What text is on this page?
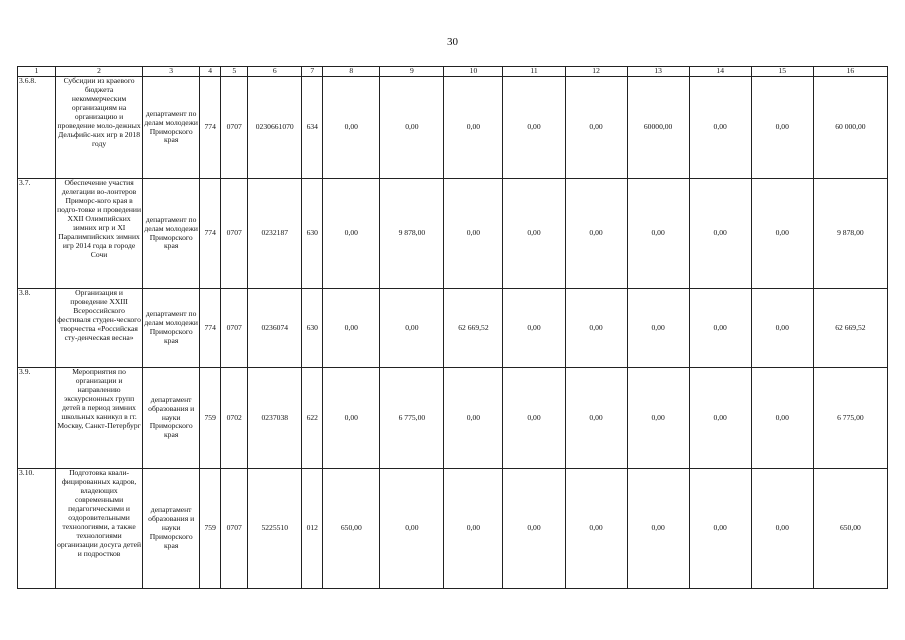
30
1	2	3	4	5	6	7	8	9	10	11	12	13	14	15	16
3.6.8.	Субсидии из краевого бюджета некоммерческим организациям на организацию и проведение моло-дежных Дельфийс-ких игр в 2018 году	департамент по делам молодежи Приморского края	774	0707	0230661070	634	0,00	0,00	0,00	0,00	0,00	60000,00	0,00	0,00	60 000,00
3.7.	Обеспечение участия делегации во-лонтеров Приморс-кого края в подго-товке и проведении XXII Олимпийских зимних игр и XI Паралимпийских зимних игр 2014 года в городе Сочи	департамент по делам молодежи Приморского края	774	0707	0232187	630	0,00	9 878,00	0,00	0,00	0,00	0,00	0,00	0,00	9 878,00
3.8.	Организация и проведение XXIII Всероссийского фестиваля студен-ческого творчества «Российская сту-денческая весна»	департамент по делам молодежи Приморского края	774	0707	0236074	630	0,00	0,00	62 669,52	0,00	0,00	0,00	0,00	0,00	62 669,52
3.9.	Мероприятия по организации и направлению экскурсионных групп детей в период зимних школьных каникул в гг. Москву, Санкт-Петербург	департамент образования и науки Приморского края	759	0702	0237038	622	0,00	6 775,00	0,00	0,00	0,00	0,00	0,00	0,00	6 775,00
3.10.	Подготовка квали-фицированных кадров, владеющих современными педагогическими и оздоровительными технологиями, а также технологиями организации досуга детей и подростков	департамент образования и науки Приморского края	759	0707	5225510	012	650,00	0,00	0,00	0,00	0,00	0,00	0,00	0,00	650,00
